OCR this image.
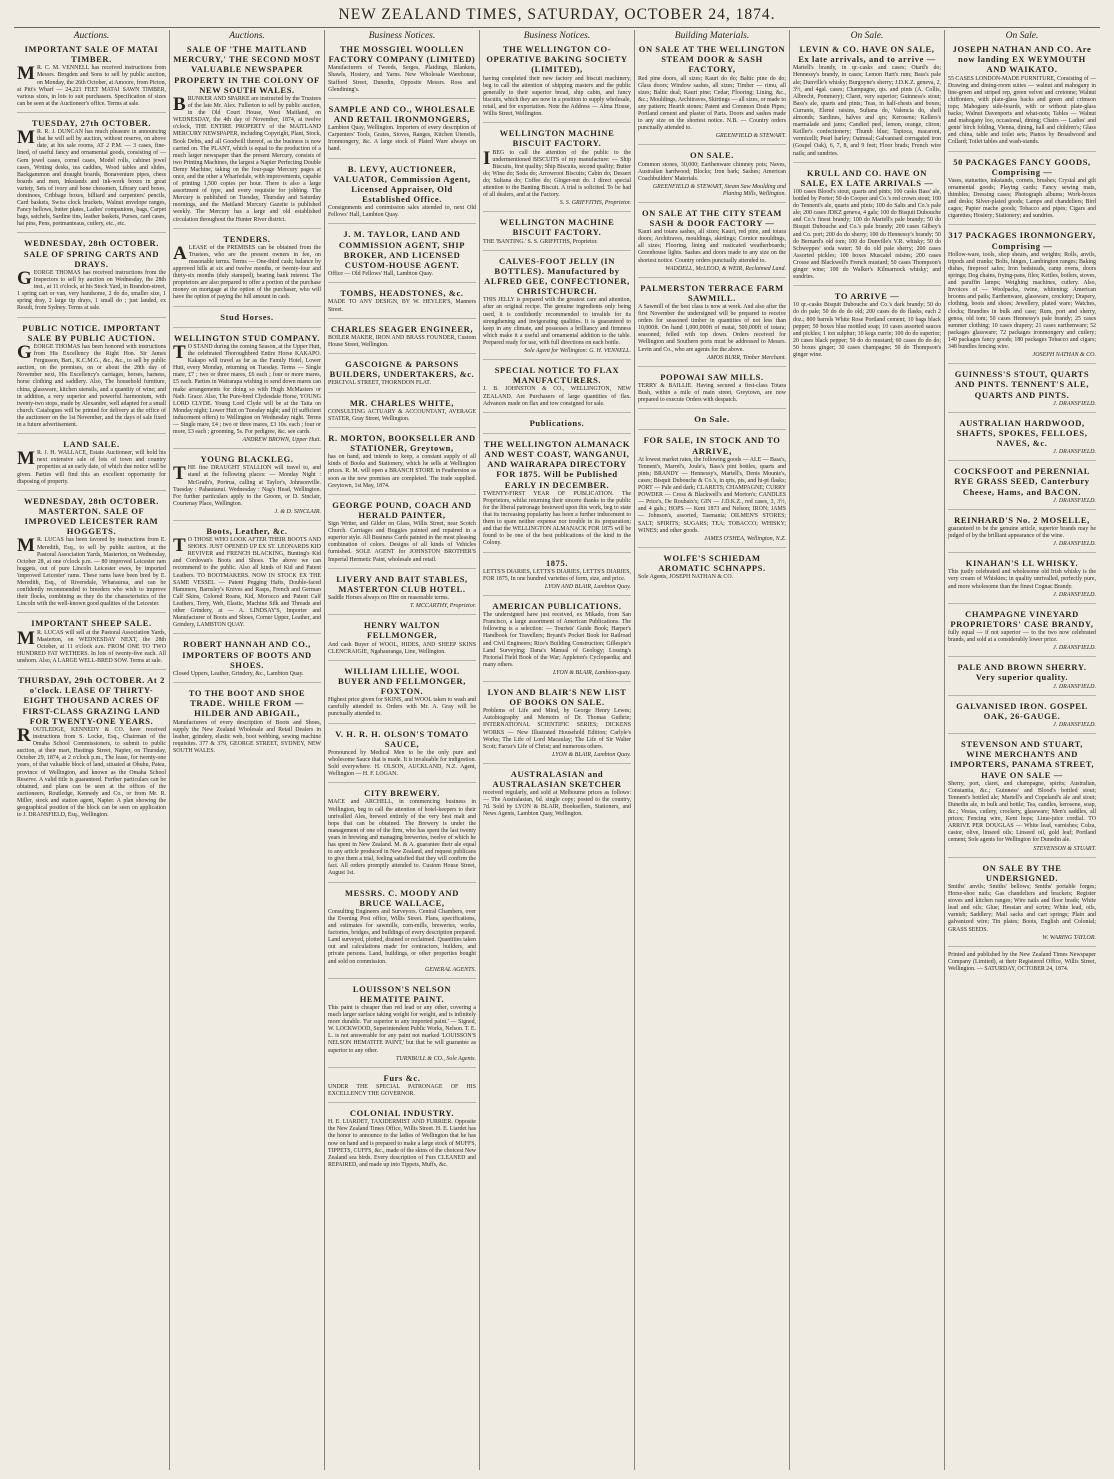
NEW ZEALAND TIMES, SATURDAY, OCTOBER 24, 1874.
Auctions.
IMPORTANT SALE OF MATAI TIMBER.
M R. C. M. VENNELL has received instructions from Messrs. Brogden and Sons to sell by public auction, on Monday, the 26th October, at Amoore, from Picton, at Pitt's Wharf — 24,221 FEET MATAI SAWN TIMBER, various sizes, in lots to suit purchasers. Specification of sizes can be seen at the Auctioneer's office. Terms at sale.
TUESDAY, 27th OCTOBER.
M R. R. J. DUNCAN has much pleasure in announcing that he will sell by auction, without reserve, on above date, at his sale rooms, AT 2 P.M. — 3 cases, fine-lined, of useful fancy and ornamental goods, consisting of — Gem jewel cases, cornel cases, Model rolls, cabinet jewel cases, Writing desks, tea caddies, Wood tables and slides, Backgammon and draught boards, Bonaventure pipes, chess boards and men, Inkstands and ink-work boxes in great variety, Sets of ivory and bone chessmen, Library card boxes, dominoes, Cribbage boxes, billiard and carpenters' pencils, Card baskets, Swiss clock brackets, Walnut envelope ranges, Fancy bellows, butter plates, Ladies' companions, bags, Carpet bags, satchels, Sardine tins, leather baskets, Purses, card cases, hat pins, Pens, portmanteaus, cutlery, etc., etc.
WEDNESDAY, 28th OCTOBER. SALE OF SPRING CARTS AND DRAYS.
GEORGE THOMAS has received instructions from the Inspectors to sell by auction on Wednesday, the 28th inst., at 11 o'clock, at his Stock Yard, in Brandon-street, 1 spring cart or van, very handsome, 2 do do, smaller size, 1 spring dray, 2 large tip drays, 1 small do ; just landed, ex Result, from Sydney. Terms at sale.
PUBLIC NOTICE. IMPORTANT SALE BY PUBLIC AUCTION.
GEORGE THOMAS has been honored with instructions from His Excellency the Right Hon. Sir James Fergusson, Bart., K.C.M.G., &c., &c., to sell by public auction, on the premises, on or about the 28th day of November next, His Excellency's carriages, horses, harness, horse clothing and saddlery. Also, The household furniture, china, glassware, kitchen utensils, and a quantity of wine; and in addition, a very superior and powerful harmonium, with twenty-two stops, made by Alexandre, well adapted for a small church. Catalogues will be printed for delivery at the office of the auctioneer on the 1st November, and the days of sale fixed in a future advertisement.
LAND SALE.
M R. J. H. WALLACE, Estate Auctioneer, will hold his next extensive sale of lots of town and country properties at an early date, of which due notice will be given. Parties will find this an excellent opportunity for disposing of property.
WEDNESDAY, 28th OCTOBER. MASTERTON. SALE OF IMPROVED LEICESTER RAM HOGGETS.
M R. LUCAS has been favored by instructions from E. Meredith, Esq., to sell by public auction, at the Pastoral Association Yards, Masterton, on Wednesday, October 28, at one o'clock p.m. — 80 improved Leicester ram hoggets, out of pure Lincoln Leicester ewes, by imported 'improved Leicester' rams. These rams have been bred by E. Meredith, Esq., of Riversdale, Wharaurua, and can be confidently recommended to breeders who wish to improve their flocks, combining as they do the characteristics of the Lincoln with the well-known good qualities of the Leicester.
IMPORTANT SHEEP SALE.
M R. LUCAS will sell at the Pastoral Association Yards, Masterton, on WEDNESDAY NEXT, the 28th October, at 11 o'clock a.m. FROM ONE TO TWO HUNDRED FAT WETHERS. In lots of twenty-five each. All unshorn. Also, A LARGE WELL-BRED SOW. Terms at sale.
THURSDAY, 29th OCTOBER. At 2 o'clock. LEASE OF THIRTY-EIGHT THOUSAND ACRES OF FIRST-CLASS GRAZING LAND FOR TWENTY-ONE YEARS.
ROUTLEDGE, KENNEDY & CO. have received instructions from S. Locke, Esq., Chairman of the Omaha School Commissioners, to submit to public auction, at their mart, Hastings Street, Napier, on Thursday, October 29, 1874, at 2 o'clock p.m., The lease, for twenty-one years, of that valuable block of land, situated at Ohuhu, Patea, province of Wellington, and known as the Omaha School Reserve. A valid title is guaranteed. Further particulars can be obtained, and plans can be seen at the offices of the auctioneers, Routledge, Kennedy and Co., or from Mr. R. Miller, stock and station agent, Napier. A plan showing the geographical position of the block can be seen on application to J. DRANSFIELD, Esq., Wellington.
Auctions.
SALE OF 'THE MAITLAND MERCURY,' THE SECOND MOST VALUABLE NEWSPAPER PROPERTY IN THE COLONY OF NEW SOUTH WALES.
BRUNKER AND SPARKE are instructed by the Trustees of the late Mr. Alex. Fullerton to sell by public auction, in the Old Court House, West Maitland, on WEDNESDAY, the 4th day of November, 1874, at twelve o'clock, THE ENTIRE PROPERTY of the MAITLAND MERCURY NEWSPAPER, including Copyright, Plant, Stock, Book Debts, and all Goodwill thereof, as the business is now carried on. The PLANT, which is equal to the production of a much larger newspaper than the present Mercury, consists of two Printing Machines, the largest a Napier Perfecting Double Demy Machine, taking on the four-page Mercury pages at once, and the other a Wharfedale, with improvements, capable of printing 1,500 copies per hour. There is also a large assortment of type, and every requisite for jobbing. The Mercury is published on Tuesday, Thursday and Saturday mornings, and the Maitland Mercury Gazette is published weekly. The Mercury has a large and old established circulation throughout the Hunter River district.
TENDERS.
ALEASE of the PREMISES can be obtained from the Trustees, who are the present owners in fee, on reasonable terms. Terms — One-third cash; balance by approved bills at six and twelve months, or twenty-four and thirty-six months (duly stamped), bearing bank interest. The proprietors are also prepared to offer a portion of the purchase money on mortgage at the option of the purchaser, who will have the option of paying the full amount in cash.
Stud Horses.
WELLINGTON STUD COMPANY.
T O STAND during the coming Season, at the Upper Hutt, the celebrated Thoroughbred Entire Horse KAKAPO. Kakapo will travel as far as the Family Hotel, Lower Hutt, every Monday, returning on Tuesday. Terms — Single mare, £7 ; two or three mares, £6 each ; four or more mares, £5 each. Parties in Wairarapa wishing to send down mares can make arrangements for doing so with Hugh McMasters or Nath. Grace. Also, The Pure-bred Clydesdale Horse, YOUNG LORD CLYDE. Young Lord Clyde will be at the Taita on Monday night; Lower Hutt on Tuesday night; and (if sufficient inducement offers) to Wellington on Wednesday night. Terms — Single mare, £4 ; two or three mares, £3 10s. each ; four or more, £3 each ; grooming, 5s. For pedigree, &c. see cards.
ANDREW BROWN, Upper Hutt.
YOUNG BLACKLEG.
THE fine DRAUGHT STALLION will travel to, and stand at the following places: — Monday Night : McGrath's, Porirua, calling at Taylor's, Johnsonville. Tuesday : Pahautanui. Wednesday : Nag's Head, Wellington. For further particulars apply to the Groom, or D. Sinclair, Courtenay Place, Wellington.
J. & D. SINCLAIR.
Boots, Leather, &c.
T O THOSE WHO LOOK AFTER THEIR BOOTS AND SHOES. JUST OPENED UP EX ST. LEONARDS KID REVIVER and FRENCH BLACKING, Bunting's Kid and Cordovan's Boots and Shoes. The above we can recommend to the public. Also all kinds of Kid and Patent Leathers. TO BOOTMAKERS. NOW IN STOCK EX THE SAME VESSEL — Patent Pegging Hafts, Double-faced Hammers, Barnsley's Knives and Rasps, French and German Calf Skins, Colored Roans, Kid, Morocco and Patent Calf Leathers, Terry, Web, Elastic, Machine Silk and Threads and other Grindery, at — A. LINDSAY'S, Importer and Manufacturer of Boots and Shoes, Corner Upper, Leather, and Grindery, LAMBTON QUAY.
ROBERT HANNAH AND CO., IMPORTERS OF BOOTS AND SHOES.
Closed Uppers, Leather, Grindery, &c., Lambton Quay.
TO THE BOOT AND SHOE TRADE. WHILE FROM — HILDER AND ABIGAIL,
Manufacturers of every description of Boots and Shoes, supply the New Zealand Wholesale and Retail Dealers in leather, grindery, elastic web, boot webbing, sewing machine requisites. 377 & 379, GEORGE STREET, SYDNEY, NEW SOUTH WALES.
Business Notices.
THE MOSSGIEL WOOLLEN FACTORY COMPANY (LIMITED)
Manufacturers of Tweeds, Serges, Plaidings, Blankets, Shawls, Hosiery, and Yarns. New Wholesale Warehouse, Stafford Street, Dunedin, Opposite Messrs. Ross and Glendining's.
SAMPLE AND CO., WHOLESALE AND RETAIL IRONMONGERS,
Lambton Quay, Wellington. Importers of every description of Carpenters' Tools, Grates, Stoves, Ranges, Kitchen Utensils, Ironmongery, &c. A large stock of Plated Ware always on hand.
B. LEVY, AUCTIONEER, VALUATOR, Commission Agent, Licensed Appraiser, Old Established Office.
Consignments and commission sales attended to, next Old Fellows' Hall, Lambton Quay.
J. M. TAYLOR, LAND AND COMMISSION AGENT, SHIP BROKER, AND LICENSED CUSTOM-HOUSE AGENT.
Office — Old Fellows' Hall, Lambton Quay.
TOMBS, HEADSTONES, &c.
MADE TO ANY DESIGN, BY W. HEYLER'S, Manners Street.
CHARLES SEAGER ENGINEER,
BOILER MAKER, IRON AND BRASS FOUNDER, Custom House Street, Wellington.
GASCOIGNE & PARSONS BUILDERS, UNDERTAKERS, &c.
PERCIVAL STREET, THORNDON FLAT.
MR. CHARLES WHITE,
CONSULTING ACTUARY & ACCOUNTANT, AVERAGE STATER, Gray Street, Wellington.
R. MORTON, BOOKSELLER AND STATIONER, Greytown,
has on hand, and intends to keep, a constant supply of all kinds of Books and Stationery, which he sells at Wellington prices. R. M. will open a BRANCH STORE in Featherston as soon as the new premises are completed. The trade supplied. Greytown, 1st May, 1874.
GEORGE POUND, COACH AND HERALD PAINTER,
Sign Writer, and Gilder on Glass, Willis Street, near Scotch Church. Carriages and Buggies painted and repaired in a superior style. All Business Cards painted in the most pleasing combination of colors. Designs of all kinds of Vehicles furnished. SOLE AGENT for JOHNSTON BROTHER'S Imperial Hermetic Paint, wholesale and retail.
LIVERY AND BAIT STABLES, MASTERTON CLUB HOTEL.
Saddle Horses always on Hire on reasonable terms.
T. MCCARTHY, Proprietor.
HENRY WALTON FELLMONGER,
And cash Buyer of WOOL, HIDES, AND SHEEP SKINS CLENCRAIGIE, Ngahauranga, Line, Wellington.
WILLIAM LILLIE, WOOL BUYER AND FELLMONGER, FOXTON.
Highest price given for SKINS, and WOOL taken to wash and carefully attended to. Orders with Mr. A. Gray will be punctually attended to.
V. H. R. H. OLSON'S TOMATO SAUCE,
Pronounced by Medical Men to be the only pure and wholesome Sauce that is made. It is invaluable for indigestion. Sold everywhere. H. OLSON, AUCKLAND, N.Z. Agent, Wellington — H. F. LOGAN.
CITY BREWERY.
MACE and ARCHELL, in commencing business in Wellington, beg to call the attention of hotel-keepers to their unrivalled Ales, brewed entirely of the very best malt and hops that can be obtained. The Brewery is under the management of one of the firm, who has spent the last twenty years in brewing and managing breweries, twelve of which he has spent in New Zealand. M. & A. guarantee their ale equal to any article produced in New Zealand, and request publicans to give them a trial, feeling satisfied that they will confirm the fact. All orders promptly attended to. Custom House Street, August 1st.
MESSRS. C. MOODY AND BRUCE WALLACE,
Consulting Engineers and Surveyors. Central Chambers, over the Evening Post office, Willis Street. Plans, specifications, and estimates for sawmills, corn-mills, breweries, works, factories, bridges, and buildings of every description prepared. Land surveyed, plotted, drained or reclaimed. Quantities taken out and calculations made for contractors, builders, and private persons. Land, buildings, or other properties bought and sold on commission.
GENERAL AGENTS.
LOUISSON'S NELSON HEMATITE PAINT.
This paint is cheaper than red lead or any other, covering a much larger surface taking weight for weight, and is infinitely more durable. 'Far superior to any imported paint.' — Signed, W. LOCKWOOD, Superintendent Public Works, Nelson. T. E. L. is not answerable for any paint not marked 'LOUISSON'S NELSON HEMATITE PAINT,' but that he will guarantee as superior to any other.
TURNBULL & CO., Sole Agents.
Furs &c.
UNDER THE SPECIAL PATRONAGE OF HIS EXCELLENCY THE GOVERNOR.
COLONIAL INDUSTRY.
H. E. LIARDET, TAXIDERMIST AND FURRIER. Opposite the New Zealand Times Office, Willis Street. H. E. Liardet has the honor to announce to the ladies of Wellington that he has now on hand and is prepared to make a large stock of MUFFS, TIPPETS, CUFFS, &c., made of the skins of the choicest New Zealand sea birds. Every description of Furs CLEANED and REPAIRED, and made up into Tippets, Muffs, &c.
Business Notices.
THE WELLINGTON CO-OPERATIVE BAKING SOCIETY (LIMITED),
having completed their new factory and biscuit machinery, beg to call the attention of shipping masters and the public generally to their superior bread, ship cabin, and fancy biscuits, which they are now in a position to supply wholesale, retail, and for exportation. Note the Address — Alma House, Willis Street, Wellington.
WELLINGTON MACHINE BISCUIT FACTORY.
IBEG to call the attention of the public to the undermentioned BISCUITS of my manufacture: — Ship Biscuits, first quality; Ship Biscuits, second quality; Butter do; Wine do; Soda do; Arrowroot Biscuits; Cabin do; Dessert do; Sultana do; Coffee do; Ginger-nut do. I direct special attention to the Banting Biscuit. A trial is solicited. To be had of all dealers, and at the Factory.
S. S. GRIFFITHS, Proprietor.
WELLINGTON MACHINE BISCUIT FACTORY.
THE 'BANTING.' S. S. GRIFFITHS, Proprietor.
CALVES-FOOT JELLY (IN BOTTLES). Manufactured by ALFRED GEE, CONFECTIONER, CHRISTCHURCH.
THIS JELLY is prepared with the greatest care and attention, after an original recipe. The genuine ingredients only being used, it is confidently recommended to invalids for its strengthening and invigorating qualities. It is guaranteed to keep in any climate, and possesses a brilliancy and firmness which make it a useful and ornamental addition to the table. Prepared ready for use, with full directions on each bottle.
Sole Agent for Wellington: G. H. VENNELL.
SPECIAL NOTICE TO FLAX MANUFACTURERS.
J. B. JOHNSTON & CO., WELLINGTON, NEW ZEALAND. Are Purchasers of large quantities of flax. Advances made on flax and tow consigned for sale.
Publications.
THE WELLINGTON ALMANACK AND WEST COAST, WANGANUI, AND WAIRARAPA DIRECTORY FOR 1875. Will be Published EARLY IN DECEMBER.
TWENTY-FIRST YEAR OF PUBLICATION. The Proprietors, whilst returning their sincere thanks to the public for the liberal patronage bestowed upon this work, beg to state that its increasing popularity has been a further inducement to them to spare neither expense nor trouble in its preparation; and that the WELLINGTON ALMANACK FOR 1875 will be found to be one of the best publications of the kind in the Colony.
1875.
LETTS'S DIARIES, LETTS'S DIARIES, LETTS'S DIARIES, FOR 1875, In one hundred varieties of form, size, and price.
LYON AND BLAIR, Lambton Quay.
AMERICAN PUBLICATIONS.
The undersigned have just received, ex Mikado, from San Francisco, a large assortment of American Publications. The following is a selection: — Tourists' Guide Book; Harper's Handbook for Travellers; Bryant's Pocket Book for Railroad and Civil Engineers; Rice's Building Construction; Gillespie's Land Surveying; Dana's Manual of Geology; Lossing's Pictorial Field Book of the War; Appleton's Cyclopaedia; and many others.
LYON & BLAIR, Lambton-quay.
LYON AND BLAIR'S NEW LIST OF BOOKS ON SALE.
Problems of Life and Mind, by George Henry Lewes; Autobiography and Memoirs of Dr. Thomas Guthrie; INTERNATIONAL SCIENTIFIC SERIES; DICKENS WORKS — New Illustrated Household Edition; Carlyle's Works; The Life of Lord Macaulay; The Life of Sir Walter Scott; Farrar's Life of Christ; and numerous others.
LYON & BLAIR, Lambton Quay.
AUSTRALASIAN and AUSTRALASIAN SKETCHER
received regularly, and sold at Melbourne prices as follows: — The Australasian, 6d. single copy; posted to the country, 7d. Sold by LYON & BLAIR, Booksellers, Stationers, and News Agents, Lambton Quay, Wellington.
Building Materials.
ON SALE AT THE WELLINGTON STEAM DOOR & SASH FACTORY,
Red pine doors, all sizes; Kauri do do; Baltic pine do do; Glass doors; Window sashes, all sizes; Timber — rimu, all sizes; Baltic deal; Kauri pine; Cedar; Flooring; Lining, &c., &c.; Mouldings, Architraves, Skirtings — all sizes, or made to any pattern; Hearth stones; Patent and Common Drain Pipes; Portland cement and plaster of Paris. Doors and sashes made to any size on the shortest notice. N.B. — Country orders punctually attended to.
GREENFIELD & STEWART.
ON SALE.
Common stones, 30,000; Earthenware chimney pots; Naves, Australian hardwood; Blocks; Iron bark; Sashes; American Coachbuilders' Materials.
GREENFIELD & STEWART, Steam Saw Moulding and Planing Mills, Wellington.
ON SALE AT THE CITY STEAM SASH & DOOR FACTORY —
Kauri and totara sashes, all sizes; Kauri, red pine, and totara doors; Architraves, mouldings, skirtings; Cornice mouldings, all sizes; Flooring, lining and rusticated weatherboards; Greenhouse lights. Sashes and doors made to any size on the shortest notice. Country orders punctually attended to.
WADDELL, McLEOD, & WEIR, Reclaimed Land.
PALMERSTON TERRACE FARM SAWMILL.
A Sawmill of the best class is now at work. And also after the first November the undersigned will be prepared to receive orders for seasoned timber in quantities of not less than 10,000ft. On hand 1,000,000ft of matai, 500,000ft of totara; seasoned, felled with top down. Orders received for Wellington and Southern ports must be addressed to Messrs. Levin and Co., who are agents for the above.
AMOS BURR, Timber Merchant.
POPOWAI SAW MILLS.
TERRY & BAILLIE. Having secured a first-class Totara Bush, within a mile of main street, Greytown, are now prepared to execute Orders with despatch.
On Sale.
FOR SALE, IN STOCK AND TO ARRIVE,
At lowest market rates, the following goods — ALE — Bass's, Tennent's, Marrel's, Joule's, Bass's pint bottles, quarts and pints; BRANDY — Hennessy's, Martell's, Denis Mounie's, cases; Bisquit Dubouche & Co.'s, in qrts, pts, and ht-pt flasks; PORT — Pale and dark; CLARETS; CHAMPAGNE; CURRY POWDER — Cross & Blackwell's and Morton's; CANDLES — Price's, De Roubaix's; GIN — J.D.K.Z., red cases, 3, 3½, and 4 gals.; HOPS — Kent 1873 and Nelson; IRON; JAMS — Johnson's, assorted, Tasmania; OILMEN'S STORES; SALT; SPIRITS; SUGARS; TEA; TOBACCO; WHISKY; WINES; and other goods.
JAMES O'SHEA, Wellington, N.Z.
WOLFE'S SCHIEDAM AROMATIC SCHNAPPS.
Sole Agents, JOSEPH NATHAN & CO.
On Sale.
LEVIN & CO. HAVE ON SALE, Ex late arrivals, and to arrive —
Martell's brandy, in qr.-casks and cases; Otard's do; Hennessy's brandy, in cases; Lemon Hart's rum; Bass's pale ale; Dunville's whisky; Burgoyne's sherry; J.D.K.Z. geneva, 2, 3½, and 4gal. cases; Champagne, qts. and pints (A. Collis, Albrecht, Pommery); Claret, very superior; Guinness's stout; Bass's ale, quarts and pints; Teas, in half-chests and boxes; Currants, Elemé raisins, Sultana do, Valencia do, shell almonds; Sardines, halves and qrs; Kerosene; Kellers's marmalade and jams; Candied peel, lemon, orange, citron; Keiller's confectionery; Thumb blue; Tapioca, macaroni, vermicelli; Pearl barley; Oatmeal; Galvanised corrugated iron (Gospel Oak), 6, 7, 8, and 9 feet; Floor brads; French wire nails; and sundries.
KRULL AND CO. HAVE ON SALE, EX LATE ARRIVALS —
100 cases Blood's stout, quarts and pints; 100 casks Bass' ale, bottled by Porter; 50 do Cooper and Co.'s red crown stout; 100 do Tennent's ale, quarts and pints; 100 do Salts and Co.'s pale ale; 200 cases JDKZ geneva, 4 gals; 100 do Bisquit Dubouche and Co.'s finest brandy; 100 do Martell's pale brandy; 50 do Bisquit Dubouche and Co.'s pale brandy; 200 cases Gilbey's and Co. port; 200 do do sherry; 100 do Hennessy's brandy; 50 do Bernard's old tom; 100 do Dunville's V.R. whisky; 50 do Schweppes' soda water; 50 do old pale sherry; 200 cases Assorted pickles; 100 boxes Muscatel raisins; 200 cases Crosse and Blackwell's French mustard; 50 cases Thompson's ginger wine; 100 do Walker's Kilmarnock whisky; and sundries.
TO ARRIVE —
10 qr.-casks Bisquit Dubouche and Co.'s dark brandy; 50 do do do pale; 50 do do do old; 200 cases do do flasks, each 2 doz.; 800 barrels White Rose Portland cement; 10 bags black pepper; 50 boxes blue mottled soap; 10 cases assorted sauces and pickles; 1 ton sulphur; 10 kegs currie; 100 do do superior; 20 cases black pepper; 50 do do mustard; 60 cases do do do; 50 boxes ginger; 30 cases champagne; 50 do Thompson's ginger wine.
On Sale.
JOSEPH NATHAN AND CO. Are now landing EX WEYMOUTH AND WAIKATO.
55 CASES LONDON-MADE FURNITURE, Consisting of — Drawing and dining-room suites — walnut and mahogany in line-green and striped rep, green velvet and cretonne; Walnut chiffoniers, with plate-glass backs and green and crimson tops; Mahogany side-boards, with or without plate-glass backs; Walnut Davenports and what-nots; Tables — Walnut and mahogany loo, occasional, dining; Chairs — Ladies' and gents' birch folding, Vienna, dining, hall and children's; Glass and china, table and toilet sets; Pianos by Broadwood and Collard; Toilet tables and wash-stands.
50 PACKAGES FANCY GOODS, Comprising —
Vases, statuettes, inkstands, cornets, brushes; Crystal and gilt ornamental goods; Playing cards; Fancy sewing mats, thimbles; Dressing cases; Photograph albums; Work-boxes and desks; Silver-plated goods; Lamps and chandeliers; Bird cages; Papier mache goods; Tobacco and pipes; Cigars and cigarettes; Hosiery; Stationery; and sundries.
317 PACKAGES IRONMONGERY, Comprising —
Hollow-ware, tools, shop shears, and weights; Rolls, anvils, tripods and cranks; Bolts, hinges, Lambington ranges; Baking dishes, fireproof safes; Iron bedsteads, camp ovens, doors springs; Dog chains, frying-pans, files; Kettles, boilers, stoves, and paraffin lamps; Weighing machines, cutlery. Also, Invoices of — Woolpacks, twine, whitening; American brooms and pails; Earthenware, glassware, crockery; Drapery, clothing, boots and shoes; Jewellery, plated ware; Watches, clocks; Brandies in bulk and case; Rum, port and sherry, genoa, old tom; 50 cases Hennessy's pale brandy; 25 cases summer clothing; 10 cases drapery; 21 cases earthenware; 52 packages glassware; 72 packages ironmongery and cutlery; 140 packages fancy goods; 180 packages Tobacco and cigars; 348 bundles fencing wire.
JOSEPH NATHAN & CO.
GUINNESS'S STOUT, QUARTS AND PINTS. TENNENT'S ALE, QUARTS AND PINTS.
J. DRANSFIELD.
AUSTRALIAN HARDWOOD, SHAFTS, SPOKES, FELLOES, NAVES, &c.
J. DRANSFIELD.
COCKSFOOT and PERENNIAL RYE GRASS SEED, Canterbury Cheese, Hams, and BACON.
J. DRANSFIELD.
REINHARD'S No. 2 MOSELLE,
guaranteed to be the genuine article, superior brands may be judged of by the brilliant appearance of the wine.
J. DRANSFIELD.
KINAHAN'S LL WHISKY.
This justly celebrated and wholesome old Irish whisky is the very cream of Whiskies; in quality unrivalled, perfectly pure, and more wholesome than the finest Cognac Brandy.
J. DRANSFIELD.
CHAMPAGNE VINEYARD PROPRIETORS' CASE BRANDY,
fully equal — if not superior — to the two now celebrated brands, and sold at a considerably lower price.
J. DRANSFIELD.
PALE AND BROWN SHERRY. Very superior quality.
J. DRANSFIELD.
GALVANISED IRON. GOSPEL OAK, 26-GAUGE.
J. DRANSFIELD.
STEVENSON AND STUART, WINE MERCHANTS AND IMPORTERS, PANAMA STREET, HAVE ON SALE —
Sherry, port, claret, and champagne, spirits; Australian, Constantia, &c.; Guinness' and Blood's bottled stout; Tennent's bottled ale; Martell's and Copeland's ale and stout; Dunedin ale, in bulk and bottle; Tea, candles, kerosene, soap, &c.; Vestas, cutlery, crockery, glassware; Men's saddles, all prices; Fencing wire, Kent hops; Lime-juice cordial. TO ARRIVE PER DOUGLAS — White lead, varnishes; Colza, castor, olive, linseed oils; Linseed oil, gold leaf; Portland cement; Sole agents for Wellington for Dunedin ale.
STEVENSON & STUART.
ON SALE BY THE UNDERSIGNED.
Smiths' anvils; Smiths' bellows; Smiths' portable forges; Horse-shoe nails; Gas chandeliers and brackets; Register stoves and kitchen ranges; Wire nails and floor brads; White lead and oils; Glue; Hessian and scrim; White lead, oils, varnish; Saddlery; Mail sacks and cart springs; Plain and galvanized wire; Tin plates; Boots, English and Colonial; GRASS SEEDS.
W. WARING TAYLOR.
Printed and published by the New Zealand Times Newspaper Company (Limited), at their Registered Office, Willis Street, Wellington. — SATURDAY, OCTOBER 24, 1874.
